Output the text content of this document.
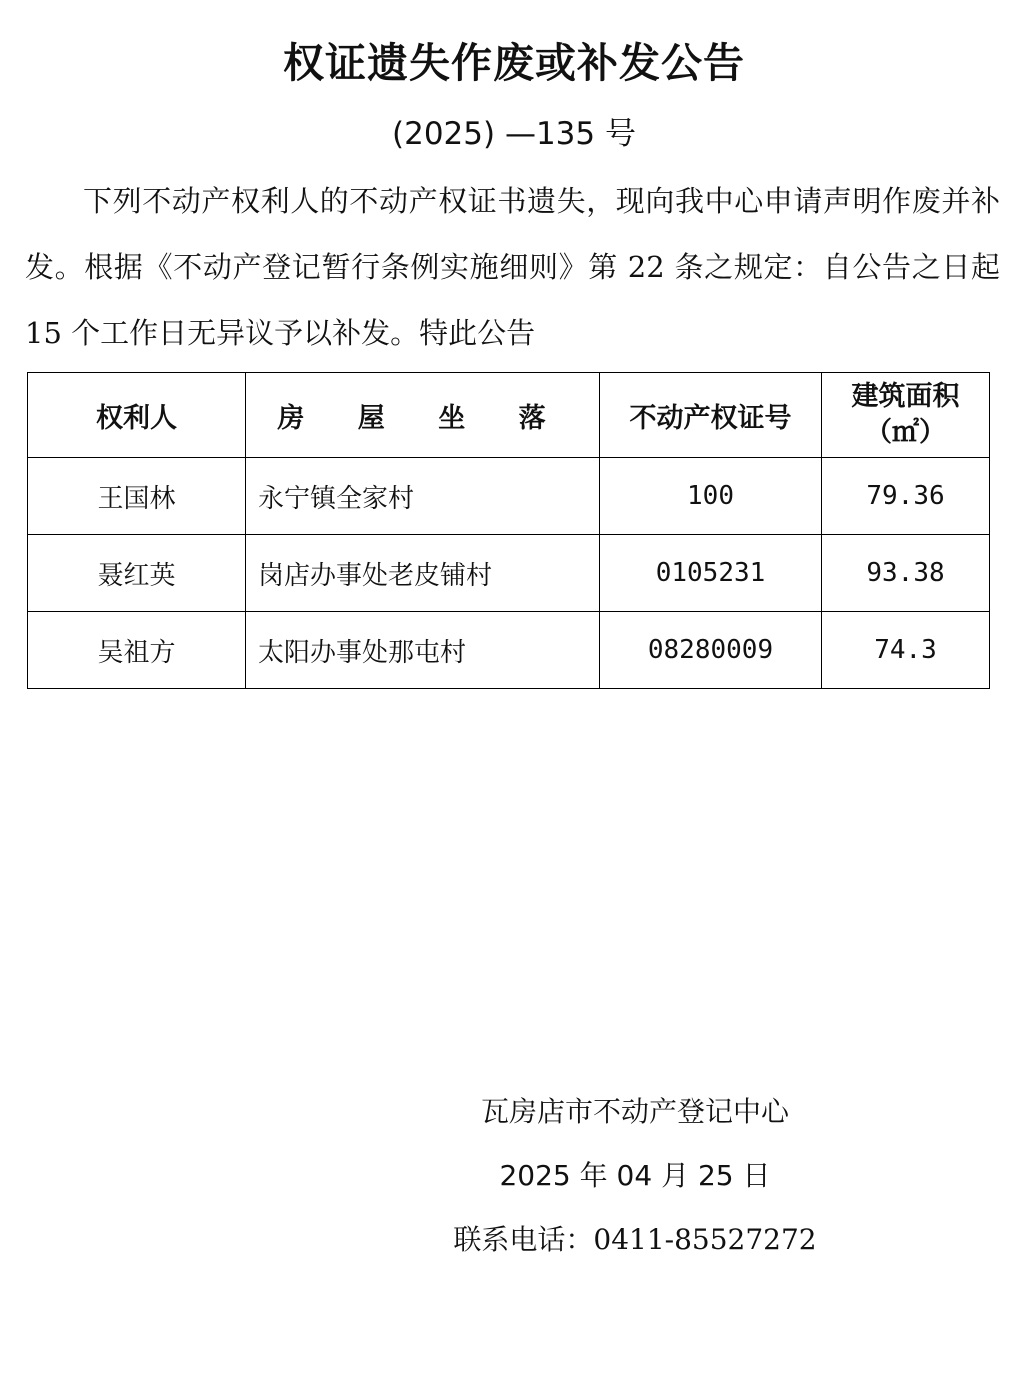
权证遗失作废或补发公告
(2025) —135 号

下列不动产权利人的不动产权证书遗失，现向我中心申请声明作废并补发。根据《不动产登记暂行条例实施细则》第 22 条之规定：自公告之日起 15 个工作日无异议予以补发。特此公告

权利人	房 屋 坐 落	不动产权证号	建筑面积
（㎡）

王国林	永宁镇全家村	100	79.36
聂红英	岗店办事处老皮铺村	0105231	93.38
吴祖方	太阳办事处那屯村	08280009	74.3
瓦房店市不动产登记中心
2025 年 04 月 25 日
联系电话：0411-85527272
